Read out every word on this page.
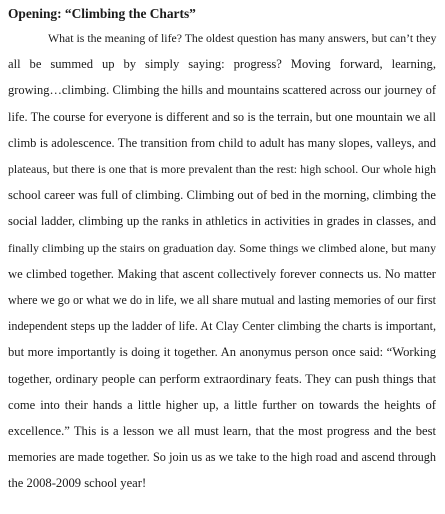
Opening: “Climbing the Charts”

What is the meaning of life? The oldest question has many answers, but can’t they
all be summed up by simply saying: progress? Moving forward, learning,
growing…climbing. Climbing the hills and mountains scattered across our journey of
life. The course for everyone is different and so is the terrain, but one mountain we all
climb is adolescence. The transition from child to adult has many slopes, valleys, and
plateaus, but there is one that is more prevalent than the rest: high school. Our whole high
school career was full of climbing. Climbing out of bed in the morning, climbing the
social ladder, climbing up the ranks in athletics in activities in grades in classes, and
finally climbing up the stairs on graduation day. Some things we climbed alone, but many
we climbed together. Making that ascent collectively forever connects us. No matter
where we go or what we do in life, we all share mutual and lasting memories of our first
independent steps up the ladder of life. At Clay Center climbing the charts is important,
but more importantly is doing it together. An anonymus person once said: “Working
together, ordinary people can perform extraordinary feats. They can push things that
come into their hands a little higher up, a little further on towards the heights of
excellence.” This is a lesson we all must learn, that the most progress and the best
memories are made together. So join us as we take to the high road and ascend through
the 2008-2009 school year!
